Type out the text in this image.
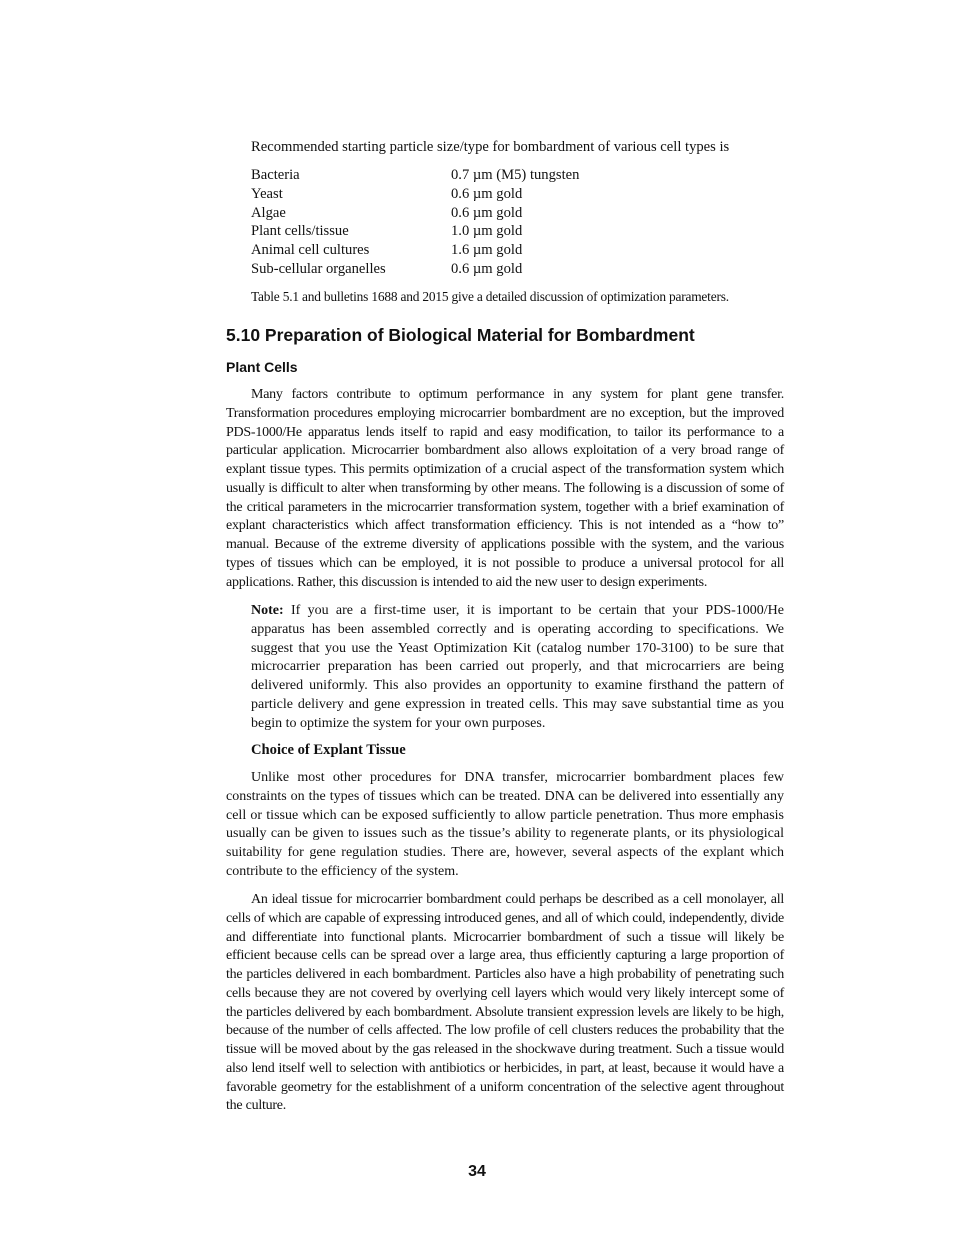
Recommended starting particle size/type for bombardment of various cell types is
Bacteria	0.7 µm (M5) tungsten
Yeast	0.6 µm gold
Algae	0.6 µm gold
Plant cells/tissue	1.0 µm gold
Animal cell cultures	1.6 µm gold
Sub-cellular organelles	0.6 µm gold
Table 5.1 and bulletins 1688 and 2015 give a detailed discussion of optimization parameters.
5.10 Preparation of Biological Material for Bombardment
Plant Cells
Many factors contribute to optimum performance in any system for plant gene transfer. Transformation procedures employing microcarrier bombardment are no exception, but the improved PDS-1000/He apparatus lends itself to rapid and easy modification, to tailor its performance to a particular application. Microcarrier bombardment also allows exploitation of a very broad range of explant tissue types. This permits optimization of a crucial aspect of the transformation system which usually is difficult to alter when transforming by other means. The following is a discussion of some of the critical parameters in the microcarrier transformation system, together with a brief examination of explant characteristics which affect transformation efficiency. This is not intended as a “how to” manual. Because of the extreme diversity of applications possible with the system, and the various types of tissues which can be employed, it is not possible to produce a universal protocol for all applications. Rather, this discussion is intended to aid the new user to design experiments.
Note: If you are a first-time user, it is important to be certain that your PDS-1000/He apparatus has been assembled correctly and is operating according to specifications. We suggest that you use the Yeast Optimization Kit (catalog number 170-3100) to be sure that microcarrier preparation has been carried out properly, and that microcarriers are being delivered uniformly. This also provides an opportunity to examine firsthand the pattern of particle delivery and gene expression in treated cells. This may save substantial time as you begin to optimize the system for your own purposes.
Choice of Explant Tissue
Unlike most other procedures for DNA transfer, microcarrier bombardment places few constraints on the types of tissues which can be treated. DNA can be delivered into essentially any cell or tissue which can be exposed sufficiently to allow particle penetration. Thus more emphasis usually can be given to issues such as the tissue’s ability to regenerate plants, or its physiological suitability for gene regulation studies. There are, however, several aspects of the explant which contribute to the efficiency of the system.
An ideal tissue for microcarrier bombardment could perhaps be described as a cell monolayer, all cells of which are capable of expressing introduced genes, and all of which could, independently, divide and differentiate into functional plants. Microcarrier bombardment of such a tissue will likely be efficient because cells can be spread over a large area, thus efficiently capturing a large proportion of the particles delivered in each bombardment. Particles also have a high probability of penetrating such cells because they are not covered by overlying cell layers which would very likely intercept some of the particles delivered by each bombardment. Absolute transient expression levels are likely to be high, because of the number of cells affected. The low profile of cell clusters reduces the probability that the tissue will be moved about by the gas released in the shockwave during treatment. Such a tissue would also lend itself well to selection with antibiotics or herbicides, in part, at least, because it would have a favorable geometry for the establishment of a uniform concentration of the selective agent throughout the culture.
34
